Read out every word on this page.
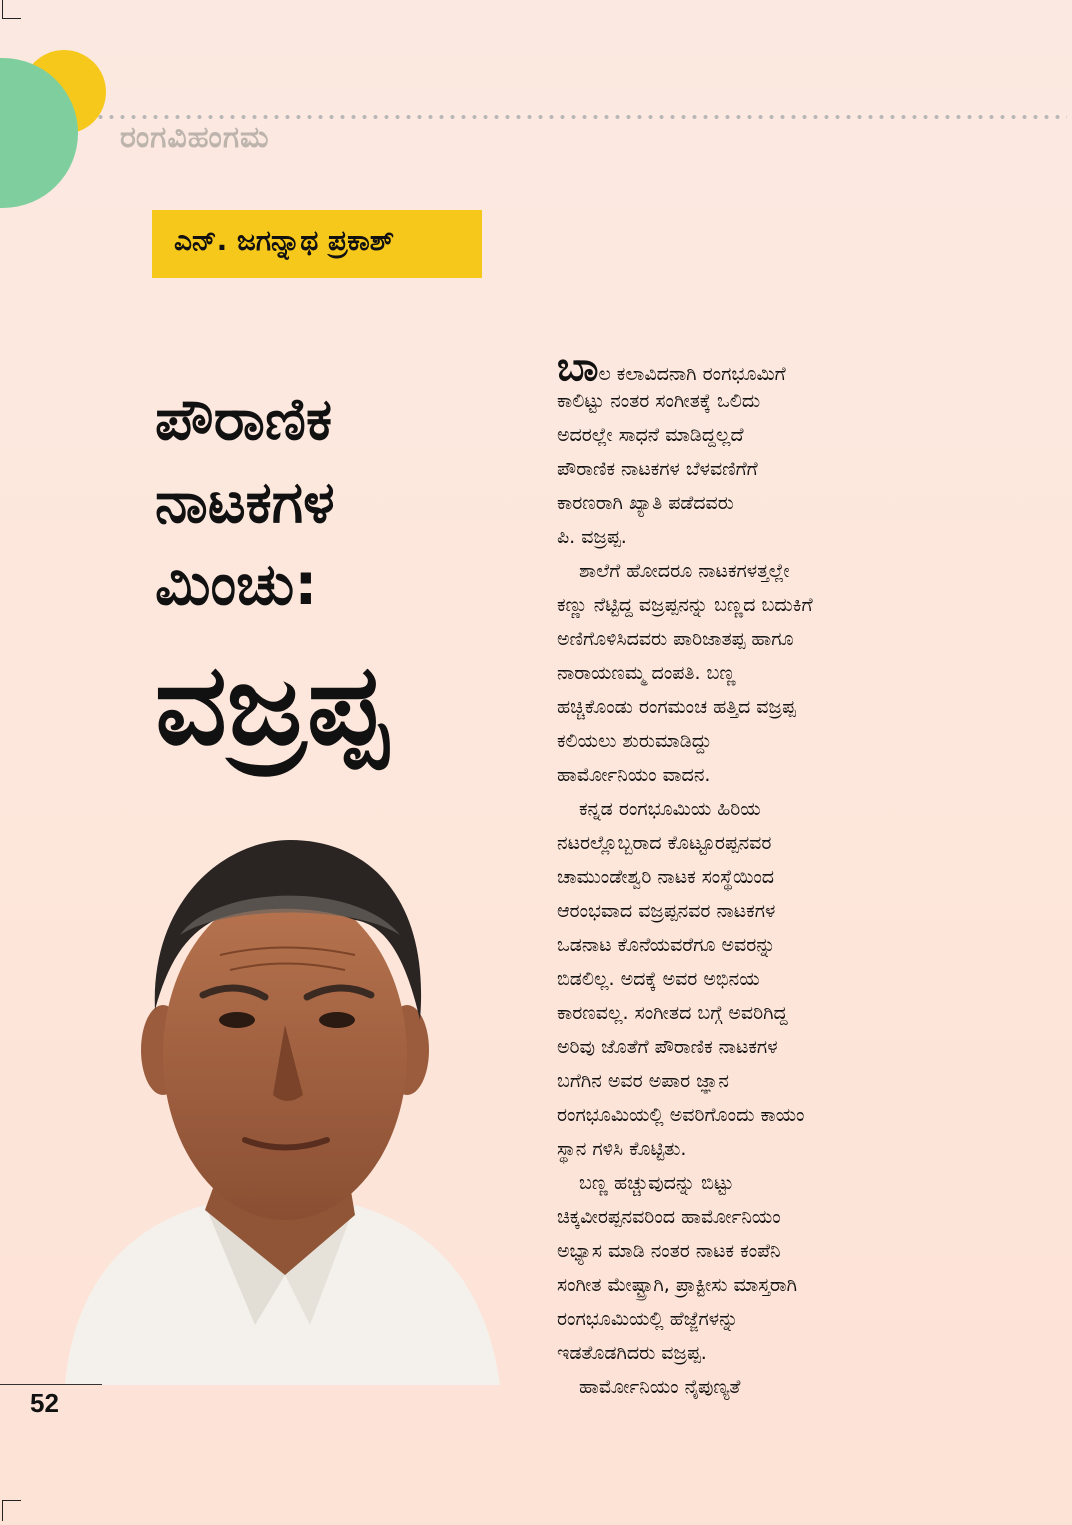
ರಂಗವಿಹಂಗಮ
ಎನ್. ಜಗನ್ನಾಥ ಪ್ರಕಾಶ್
ಪೌರಾಣಿಕ
ನಾಟಕಗಳ
ಮಿಂಚು:
ವಜ್ರಪ್ಪ
52
ಬಾಲ ಕಲಾವಿದನಾಗಿ ರಂಗಭೂಮಿಗೆ
ಕಾಲಿಟ್ಟು ನಂತರ ಸಂಗೀತಕ್ಕೆ ಒಲಿದು
ಅದರಲ್ಲೇ ಸಾಧನೆ ಮಾಡಿದ್ದಲ್ಲದೆ
ಪೌರಾಣಿಕ ನಾಟಕಗಳ ಬೆಳವಣಿಗೆಗೆ
ಕಾರಣರಾಗಿ ಖ್ಯಾತಿ ಪಡೆದವರು
ಪಿ. ವಜ್ರಪ್ಪ.
ಶಾಲೆಗೆ ಹೋದರೂ ನಾಟಕಗಳತ್ತಲ್ಲೇ
ಕಣ್ಣು ನೆಟ್ಟಿದ್ದ ವಜ್ರಪ್ಪನನ್ನು ಬಣ್ಣದ ಬದುಕಿಗೆ
ಅಣಿಗೊಳಿಸಿದವರು ಪಾರಿಜಾತಪ್ಪ ಹಾಗೂ
ನಾರಾಯಣಮ್ಮ ದಂಪತಿ. ಬಣ್ಣ
ಹಚ್ಚಿಕೊಂಡು ರಂಗಮಂಚ ಹತ್ತಿದ ವಜ್ರಪ್ಪ
ಕಲಿಯಲು ಶುರುಮಾಡಿದ್ದು
ಹಾರ್ಮೋನಿಯಂ ವಾದನ.
ಕನ್ನಡ ರಂಗಭೂಮಿಯ ಹಿರಿಯ
ನಟರಲ್ಲೊಬ್ಬರಾದ ಕೊಟ್ಟೂರಪ್ಪನವರ
ಚಾಮುಂಡೇಶ್ವರಿ ನಾಟಕ ಸಂಸ್ಥೆಯಿಂದ
ಆರಂಭವಾದ ವಜ್ರಪ್ಪನವರ ನಾಟಕಗಳ
ಒಡನಾಟ ಕೊನೆಯವರೆಗೂ ಅವರನ್ನು
ಬಿಡಲಿಲ್ಲ. ಅದಕ್ಕೆ ಅವರ ಅಭಿನಯ
ಕಾರಣವಲ್ಲ. ಸಂಗೀತದ ಬಗ್ಗೆ ಅವರಿಗಿದ್ದ
ಅರಿವು ಜೊತೆಗೆ ಪೌರಾಣಿಕ ನಾಟಕಗಳ
ಬಗೆಗಿನ ಅವರ ಅಪಾರ ಜ್ಞಾನ
ರಂಗಭೂಮಿಯಲ್ಲಿ ಅವರಿಗೊಂದು ಕಾಯಂ
ಸ್ಥಾನ ಗಳಿಸಿ ಕೊಟ್ಟಿತು.
ಬಣ್ಣ ಹಚ್ಚುವುದನ್ನು ಬಿಟ್ಟು
ಚಿಕ್ಕವೀರಪ್ಪನವರಿಂದ ಹಾರ್ಮೋನಿಯಂ
ಅಭ್ಯಾಸ ಮಾಡಿ ನಂತರ ನಾಟಕ ಕಂಪೆನಿ
ಸಂಗೀತ ಮೇಷ್ಟ್ರಾಗಿ, ಪ್ರಾಕ್ಟೀಸು ಮಾಸ್ತರಾಗಿ
ರಂಗಭೂಮಿಯಲ್ಲಿ ಹೆಜ್ಜೆಗಳನ್ನು
ಇಡತೊಡಗಿದರು ವಜ್ರಪ್ಪ.
ಹಾರ್ಮೋನಿಯಂ ನೈಪುಣ್ಯತೆ
